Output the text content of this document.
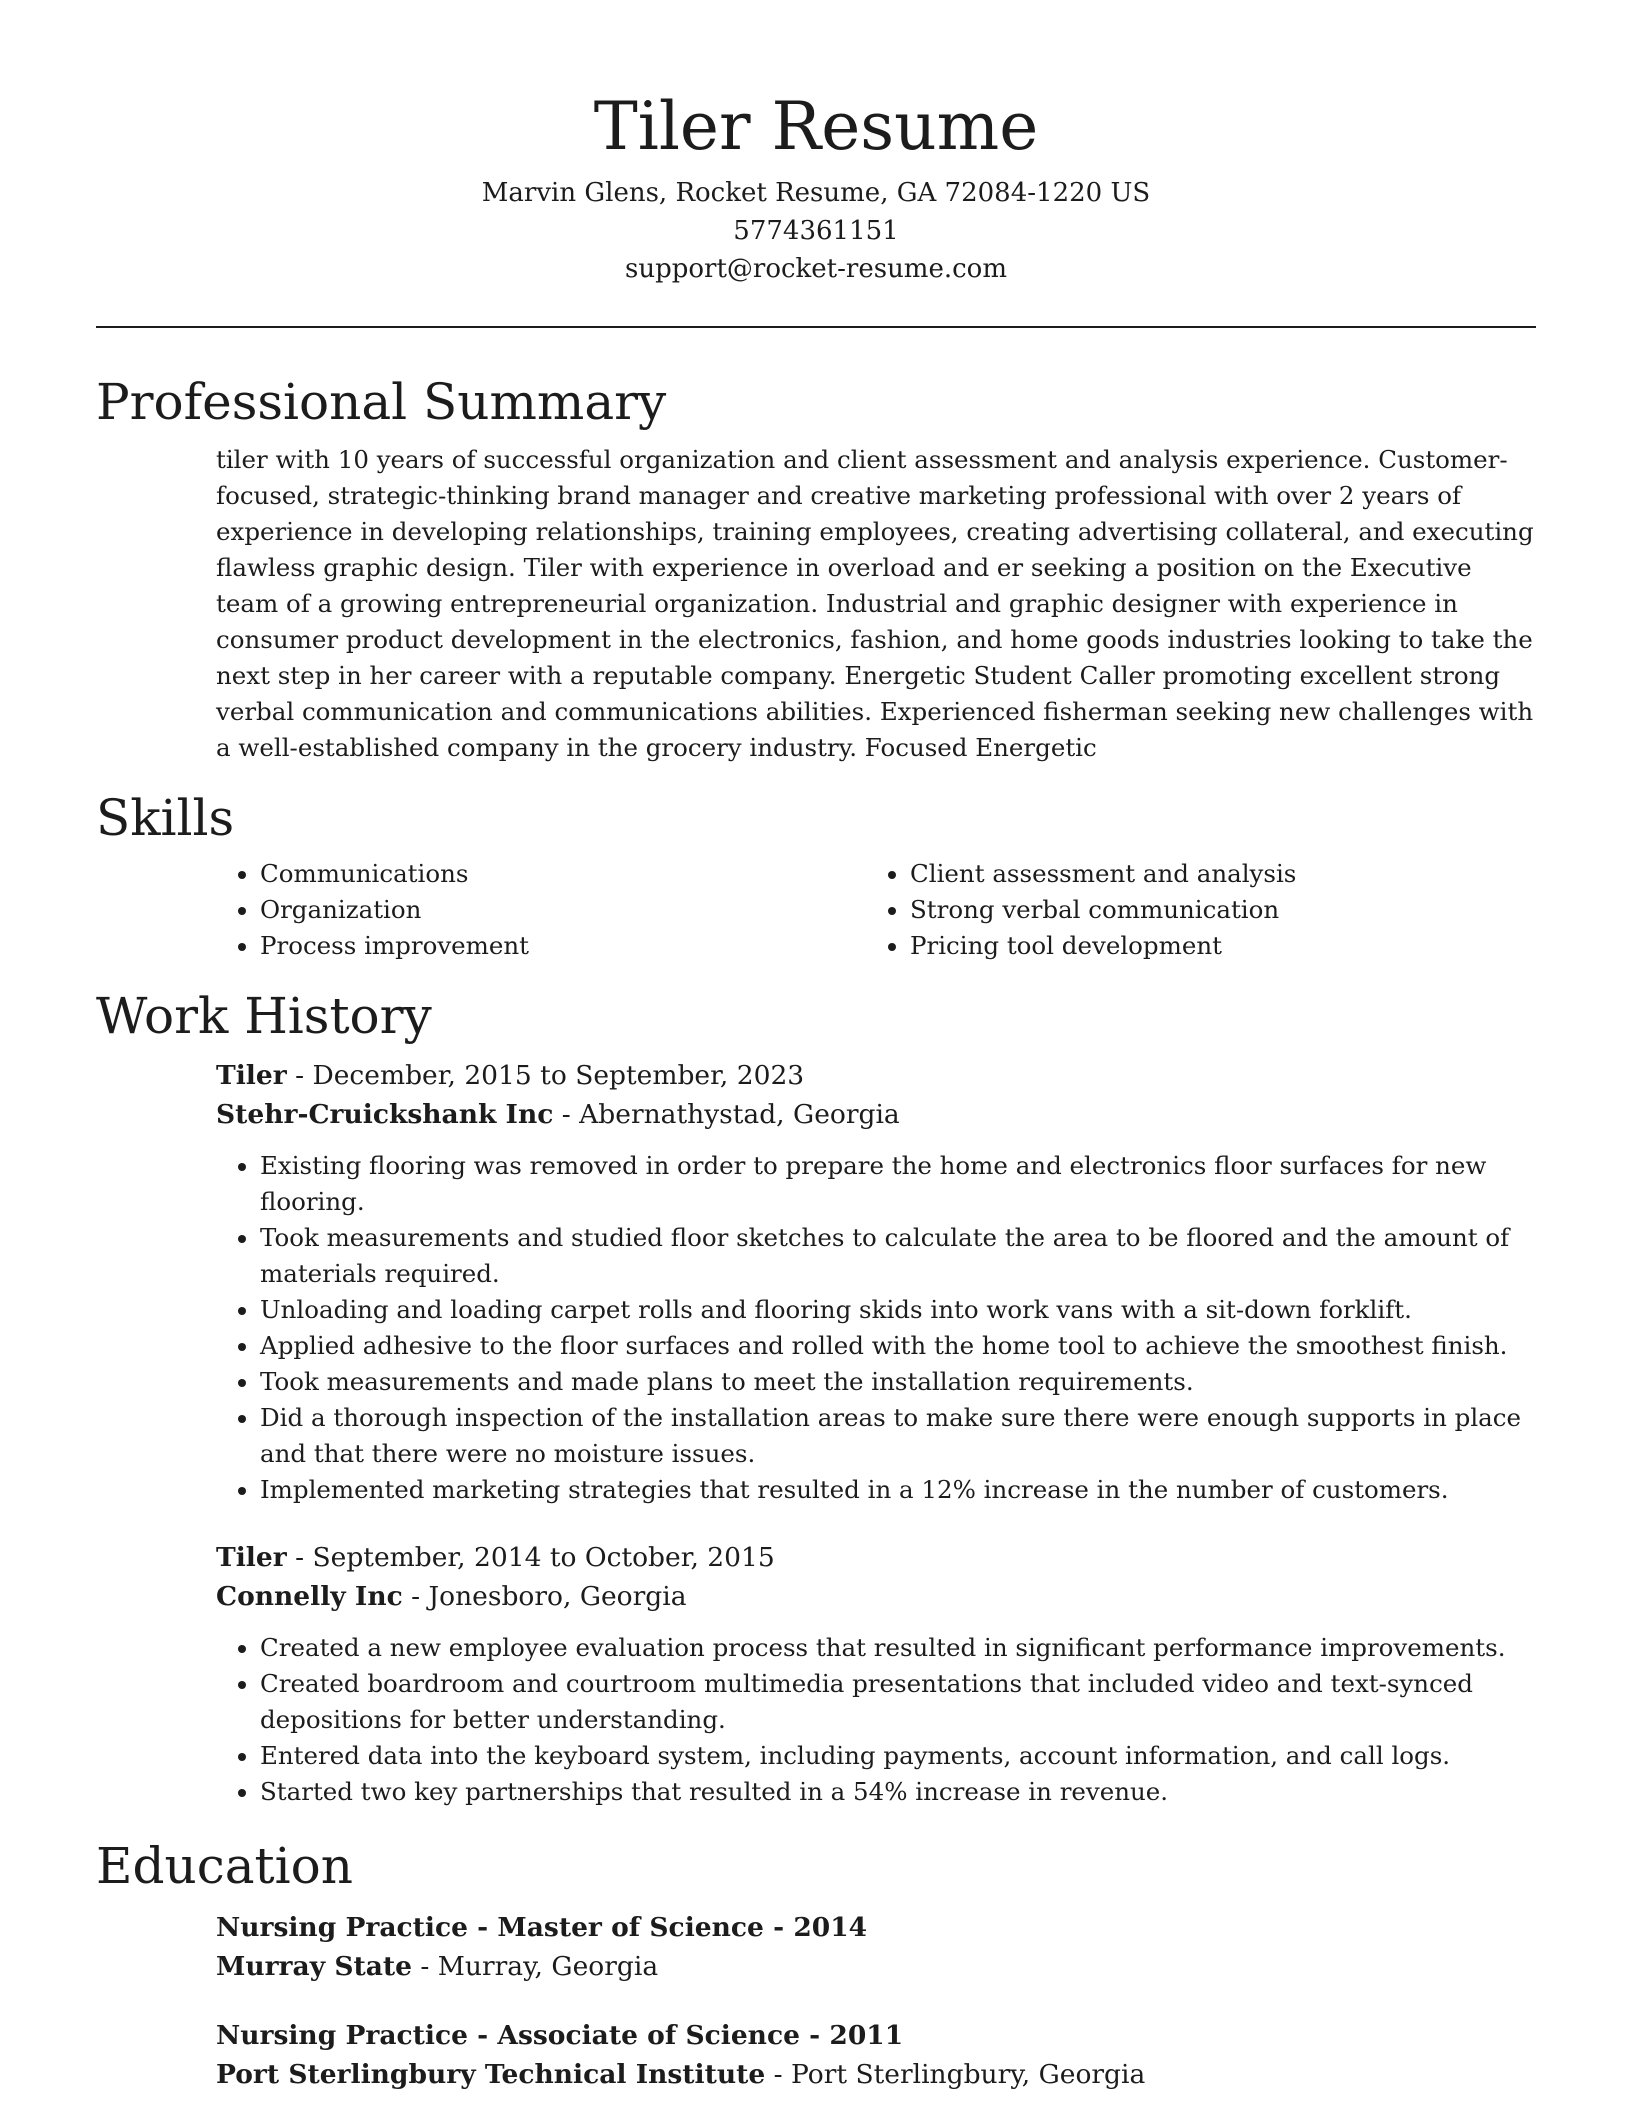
Tiler Resume

Marvin Glens, Rocket Resume, GA 72084-1220 US

5774361151

support@rocket-resume.com

Professional Summary

tiler with 10 years of successful organization and client assessment and analysis experience. Customer-focused, strategic-thinking brand manager and creative marketing professional with over 2 years of experience in developing relationships, training employees, creating advertising collateral, and executing flawless graphic design. Tiler with experience in overload and er seeking a position on the Executive team of a growing entrepreneurial organization. Industrial and graphic designer with experience in consumer product development in the electronics, fashion, and home goods industries looking to take the next step in her career with a reputable company. Energetic Student Caller promoting excellent strong verbal communication and communications abilities. Experienced fisherman seeking new challenges with a well-established company in the grocery industry. Focused Energetic

Skills
• Communications
• Organization
• Process improvement
• Client assessment and analysis
• Strong verbal communication
• Pricing tool development
Work History

Tiler - December, 2015 to September, 2023

Stehr-Cruickshank Inc - Abernathystad, Georgia

• Existing flooring was removed in order to prepare the home and electronics floor surfaces for new flooring.
• Took measurements and studied floor sketches to calculate the area to be floored and the amount of materials required.
• Unloading and loading carpet rolls and flooring skids into work vans with a sit-down forklift.
• Applied adhesive to the floor surfaces and rolled with the home tool to achieve the smoothest finish.
• Took measurements and made plans to meet the installation requirements.
• Did a thorough inspection of the installation areas to make sure there were enough supports in place and that there were no moisture issues.
• Implemented marketing strategies that resulted in a 12% increase in the number of customers.

Tiler - September, 2014 to October, 2015

Connelly Inc - Jonesboro, Georgia

• Created a new employee evaluation process that resulted in significant performance improvements.
• Created boardroom and courtroom multimedia presentations that included video and text-synced depositions for better understanding.
• Entered data into the keyboard system, including payments, account information, and call logs.
• Started two key partnerships that resulted in a 54% increase in revenue.
Education

Nursing Practice - Master of Science - 2014

Murray State - Murray, Georgia

Nursing Practice - Associate of Science - 2011

Port Sterlingbury Technical Institute - Port Sterlingbury, Georgia
